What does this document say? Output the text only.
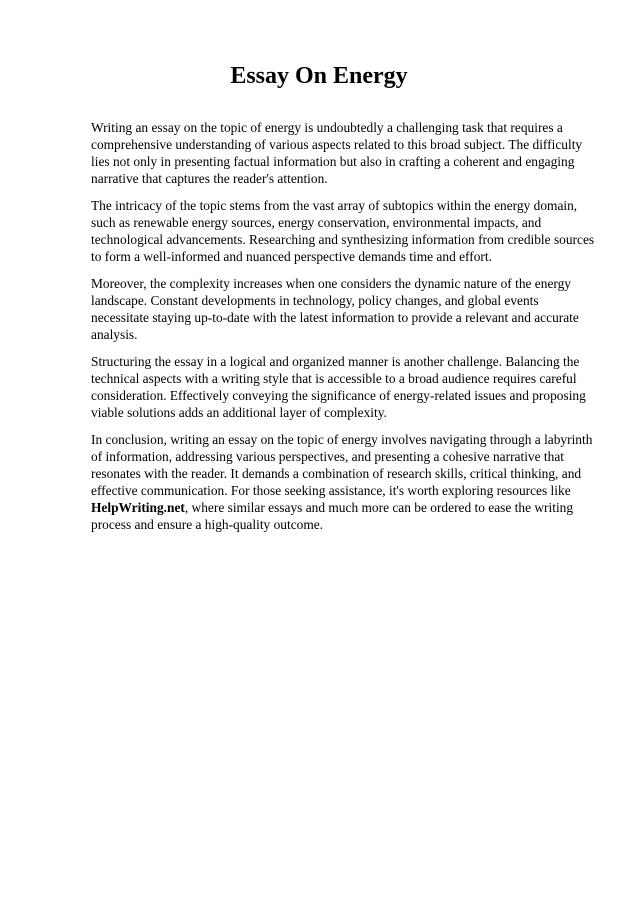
Essay On Energy

Writing an essay on the topic of energy is undoubtedly a challenging task that requires a comprehensive understanding of various aspects related to this broad subject. The difficulty lies not only in presenting factual information but also in crafting a coherent and engaging narrative that captures the reader's attention.

The intricacy of the topic stems from the vast array of subtopics within the energy domain, such as renewable energy sources, energy conservation, environmental impacts, and technological advancements. Researching and synthesizing information from credible sources to form a well-informed and nuanced perspective demands time and effort.

Moreover, the complexity increases when one considers the dynamic nature of the energy landscape. Constant developments in technology, policy changes, and global events necessitate staying up-to-date with the latest information to provide a relevant and accurate analysis.

Structuring the essay in a logical and organized manner is another challenge. Balancing the technical aspects with a writing style that is accessible to a broad audience requires careful consideration. Effectively conveying the significance of energy-related issues and proposing viable solutions adds an additional layer of complexity.

In conclusion, writing an essay on the topic of energy involves navigating through a labyrinth of information, addressing various perspectives, and presenting a cohesive narrative that resonates with the reader. It demands a combination of research skills, critical thinking, and effective communication. For those seeking assistance, it's worth exploring resources like HelpWriting.net, where similar essays and much more can be ordered to ease the writing process and ensure a high-quality outcome.
